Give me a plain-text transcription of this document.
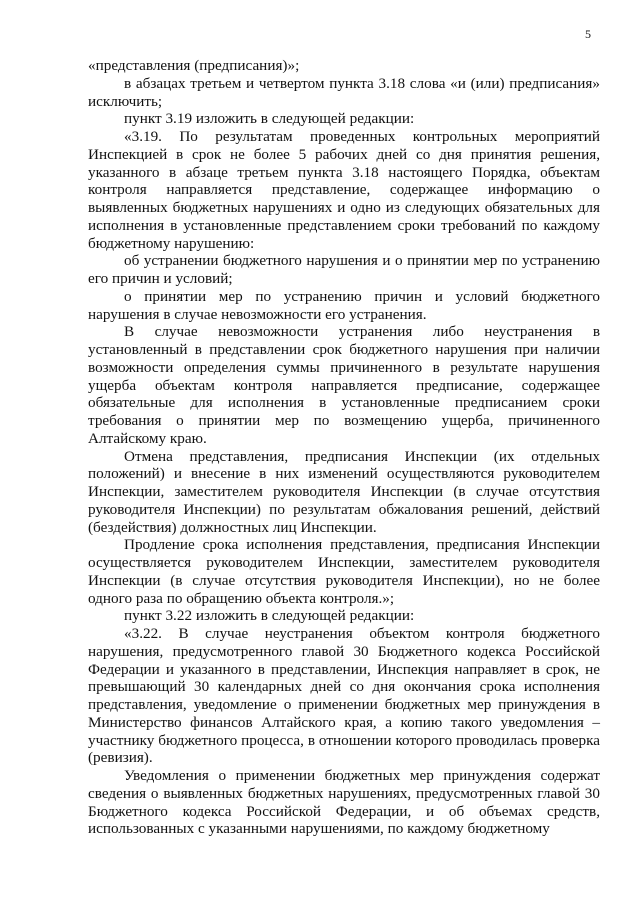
5

«представления (предписания)»;

в абзацах третьем и четвертом пункта 3.18 слова «и (или) предписания» исключить;

пункт 3.19 изложить в следующей редакции:

«3.19. По результатам проведенных контрольных мероприятий Инспекцией в срок не более 5 рабочих дней со дня принятия решения, указанного в абзаце третьем пункта 3.18 настоящего Порядка, объектам контроля направляется представление, содержащее информацию о выявленных бюджетных нарушениях и одно из следующих обязательных для исполнения в установленные представлением сроки требований по каждому бюджетному нарушению:

об устранении бюджетного нарушения и о принятии мер по устранению его причин и условий;

о принятии мер по устранению причин и условий бюджетного нарушения в случае невозможности его устранения.

В случае невозможности устранения либо неустранения в установленный в представлении срок бюджетного нарушения при наличии возможности определения суммы причиненного в результате нарушения ущерба объектам контроля направляется предписание, содержащее обязательные для исполнения в установленные предписанием сроки требования о принятии мер по возмещению ущерба, причиненного Алтайскому краю.

Отмена представления, предписания Инспекции (их отдельных положений) и внесение в них изменений осуществляются руководителем Инспекции, заместителем руководителя Инспекции (в случае отсутствия руководителя Инспекции) по результатам обжалования решений, действий (бездействия) должностных лиц Инспекции.

Продление срока исполнения представления, предписания Инспекции осуществляется руководителем Инспекции, заместителем руководителя Инспекции (в случае отсутствия руководителя Инспекции), но не более одного раза по обращению объекта контроля.»;

пункт 3.22 изложить в следующей редакции:

«3.22. В случае неустранения объектом контроля бюджетного нарушения, предусмотренного главой 30 Бюджетного кодекса Российской Федерации и указанного в представлении, Инспекция направляет в срок, не превышающий 30 календарных дней со дня окончания срока исполнения представления, уведомление о применении бюджетных мер принуждения в Министерство финансов Алтайского края, а копию такого уведомления – участнику бюджетного процесса, в отношении которого проводилась проверка (ревизия).

Уведомления о применении бюджетных мер принуждения содержат сведения о выявленных бюджетных нарушениях, предусмотренных главой 30 Бюджетного кодекса Российской Федерации, и об объемах средств, использованных с указанными нарушениями, по каждому бюджетному
